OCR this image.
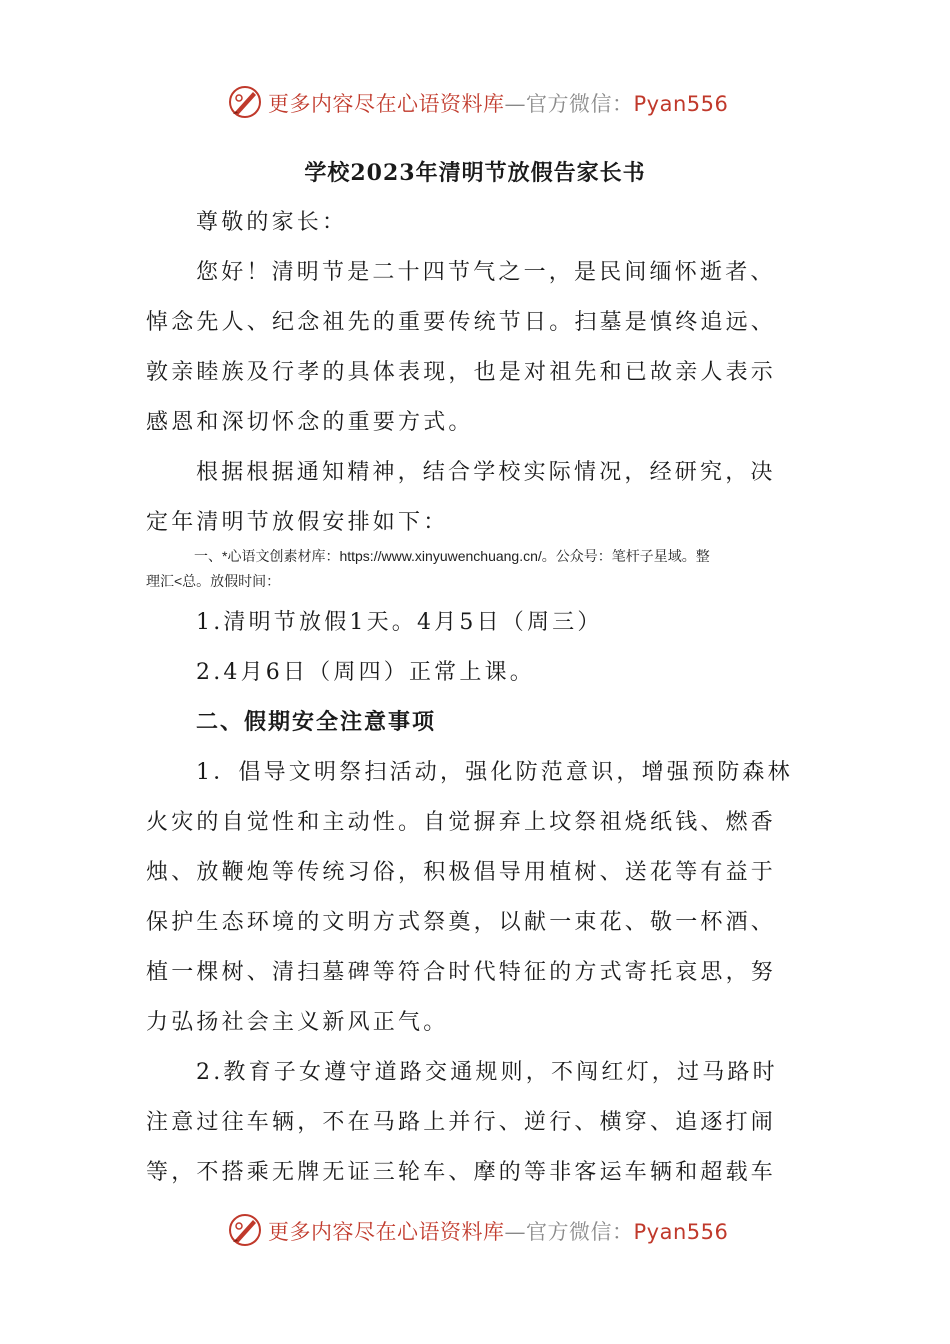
更多内容尽在心语资料库—官方微信：Pyan556
学校2023年清明节放假告家长书
尊敬的家长：
您好！清明节是二十四节气之一，是民间缅怀逝者、
悼念先人、纪念祖先的重要传统节日。扫墓是慎终追远、
敦亲睦族及行孝的具体表现，也是对祖先和已故亲人表示
感恩和深切怀念的重要方式。
根据根据通知精神，结合学校实际情况，经研究，决
定年清明节放假安排如下：
一、*心语文创素材库：https://www.xinyuwenchuang.cn/。公众号：笔杆子星域。整
理汇<总。放假时间：
1.清明节放假1天。4月5日（周三）
2.4月6日（周四）正常上课。
二、假期安全注意事项
1．倡导文明祭扫活动，强化防范意识，增强预防森林
火灾的自觉性和主动性。自觉摒弃上坟祭祖烧纸钱、燃香
烛、放鞭炮等传统习俗，积极倡导用植树、送花等有益于
保护生态环境的文明方式祭奠，以献一束花、敬一杯酒、
植一棵树、清扫墓碑等符合时代特征的方式寄托哀思，努
力弘扬社会主义新风正气。
2.教育子女遵守道路交通规则，不闯红灯，过马路时
注意过往车辆，不在马路上并行、逆行、横穿、追逐打闹
等，不搭乘无牌无证三轮车、摩的等非客运车辆和超载车
更多内容尽在心语资料库—官方微信：Pyan556
